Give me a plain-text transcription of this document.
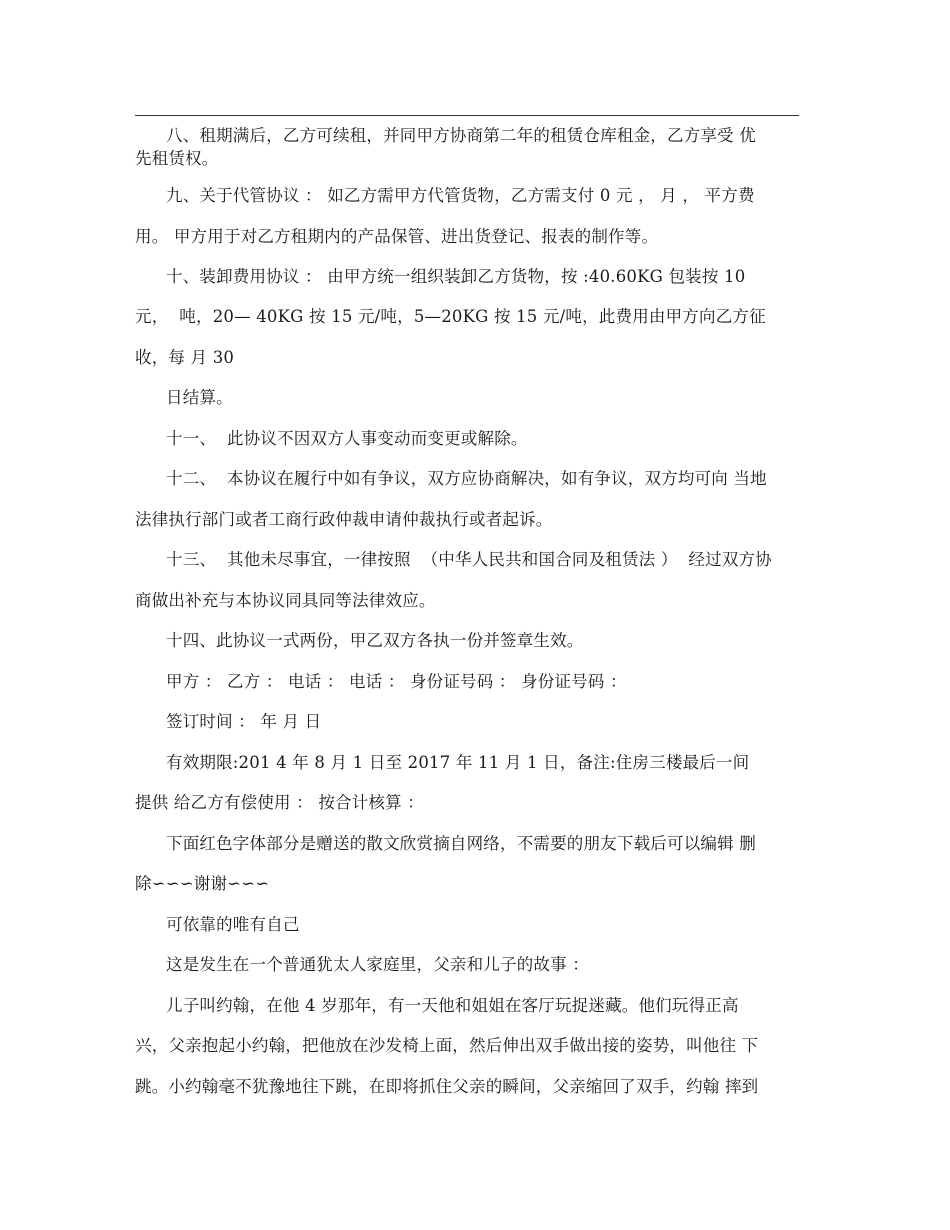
八、租期满后，乙方可续租，并同甲方协商第二年的租赁仓库租金，乙方享受 优
先租赁权。
九、关于代管协议 ： 如乙方需甲方代管货物，乙方需支付 0 元 ， 月 ， 平方费
用。 甲方用于对乙方租期内的产品保管、进出货登记、报表的制作等。
十、装卸费用协议 ： 由甲方统一组织装卸乙方货物，按 :40.60KG 包装按 10
元，  吨，20— 40KG 按 15 元/吨，5—20KG 按 15 元/吨，此费用由甲方向乙方征
收，每 月 30
日结算。
十一、  此协议不因双方人事变动而变更或解除。
十二、  本协议在履行中如有争议，双方应协商解决，如有争议，双方均可向 当地
法律执行部门或者工商行政仲裁申请仲裁执行或者起诉。
十三、  其他未尽事宜，一律按照  （中华人民共和国合同及租赁法 ）  经过双方协
商做出补充与本协议同具同等法律效应。
十四、此协议一式两份，甲乙双方各执一份并签章生效。
甲方 ： 乙方 ： 电话 ： 电话 ： 身份证号码 ： 身份证号码 ：
签订时间 ： 年 月 日
有效期限:201 4 年 8 月 1 日至 2017 年 11 月 1 日，备注:住房三楼最后一间
提供 给乙方有偿使用 ： 按合计核算 ：
下面红色字体部分是赠送的散文欣赏摘自网络，不需要的朋友下载后可以编辑 删
除∽∽∽谢谢∽∽∽
可依靠的唯有自己
这是发生在一个普通犹太人家庭里，父亲和儿子的故事 ：
儿子叫约翰，在他 4 岁那年，有一天他和姐姐在客厅玩捉迷藏。他们玩得正高
兴，父亲抱起小约翰，把他放在沙发椅上面，然后伸出双手做出接的姿势，叫他往 下
跳。小约翰毫不犹豫地往下跳，在即将抓住父亲的瞬间，父亲缩回了双手，约翰 摔到
